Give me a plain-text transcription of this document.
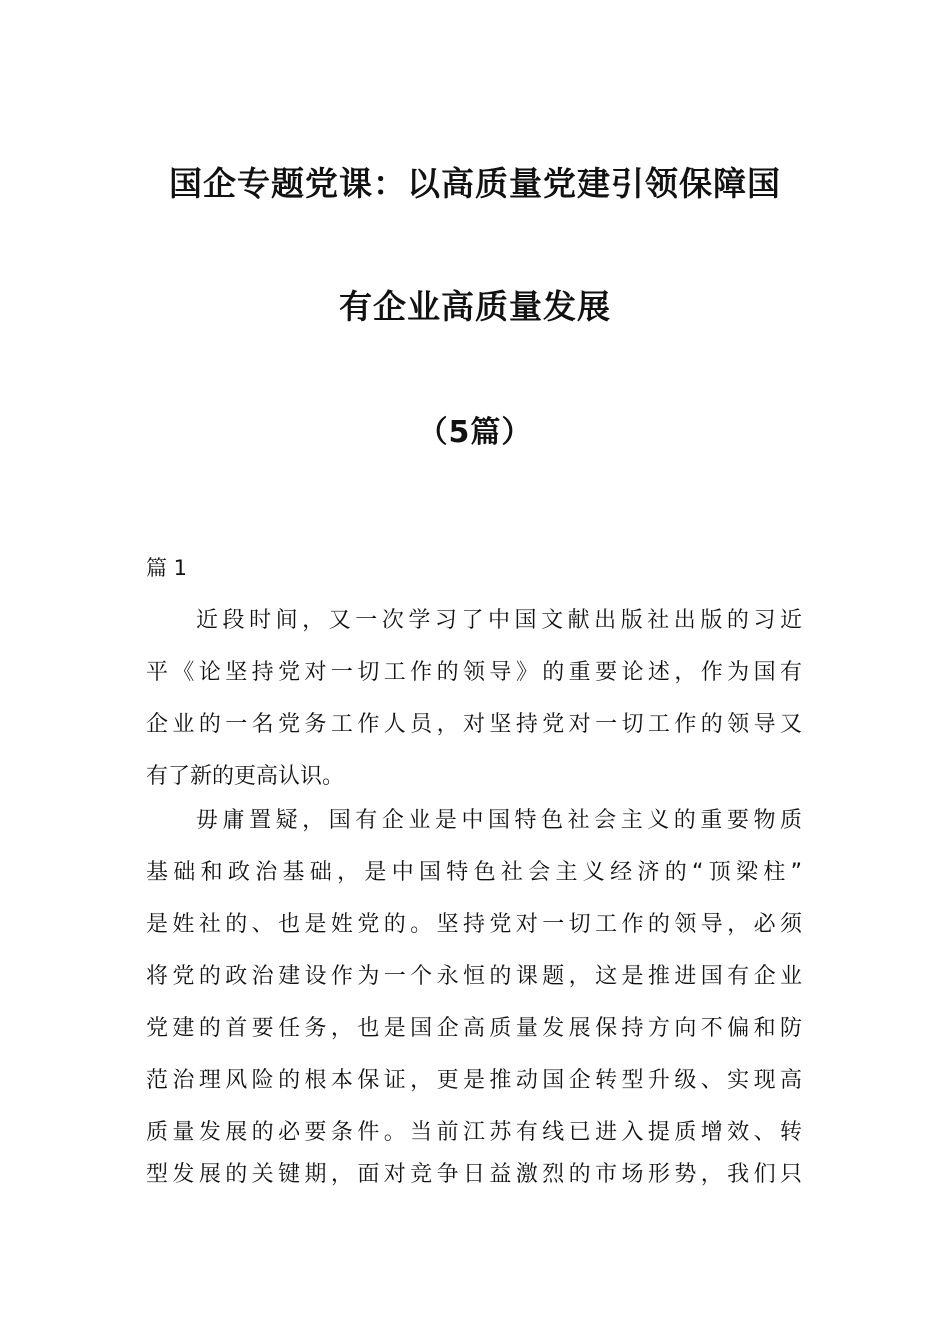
国企专题党课：以高质量党建引领保障国
有企业高质量发展
（5篇）
篇 1
近段时间，又一次学习了中国文献出版社出版的习近
平《论坚持党对一切工作的领导》的重要论述，作为国有
企业的一名党务工作人员，对坚持党对一切工作的领导又
有了新的更高认识。
毋庸置疑，国有企业是中国特色社会主义的重要物质
基础和政治基础，是中国特色社会主义经济的“顶梁柱”
是姓社的、也是姓党的。坚持党对一切工作的领导，必须
将党的政治建设作为一个永恒的课题，这是推进国有企业
党建的首要任务，也是国企高质量发展保持方向不偏和防
范治理风险的根本保证，更是推动国企转型升级、实现高
质量发展的必要条件。当前江苏有线已进入提质增效、转
型发展的关键期，面对竞争日益激烈的市场形势，我们只
